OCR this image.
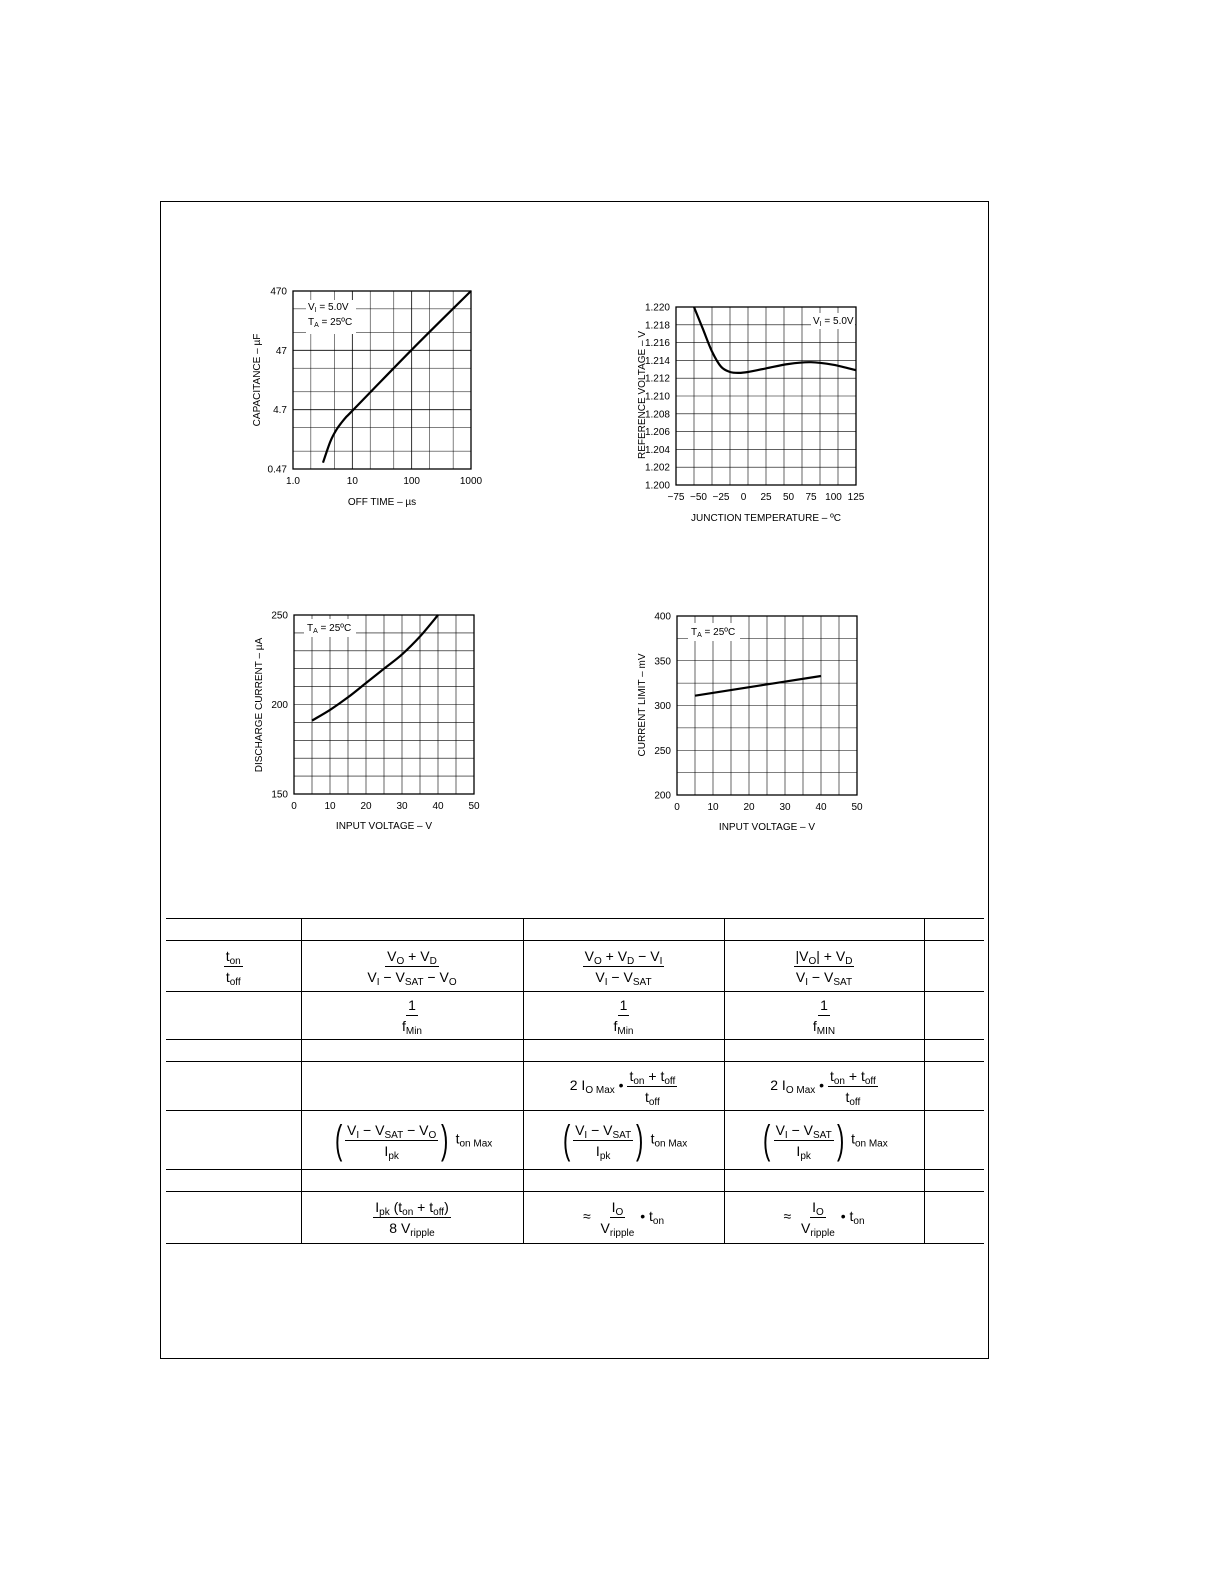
$V_I = 5.0V$
$T_A$ = 25ºC
1.0	10	100	1000
0.47
4.7
47
470
OFF TIME – µs
CAPACITANCE – µF
$V_I = 5.0V$
−75 −50 −25 0 25 50 75 100 125
1.200
1.202
1.204
1.206
1.208
1.210
1.212
1.214
1.216
1.218
1.220
JUNCTION TEMPERATURE – ºC
REFERENCE VOLTAGE – V
$T_A$ = 25ºC
0	10 20 30 40 50
150
200
250
INPUT VOLTAGE – V
DISCHARGE CURRENT – µA
$T_A$ = 25ºC
0	10 20 30 40 50
200
250
300
350
400
INPUT VOLTAGE – V
CURRENT LIMIT – mV

$\frac{t_{on}}{t_{off}}$	$\frac{V_O + V_D}{V_I - V_{SAT} - V_O}$	$\frac{V_O + V_D - V_I}{V_I - V_{SAT}}$	$\frac{|V_O| + V_D}{V_I - V_{SAT}}$

	$\frac{1}{f_{Min}}$	$\frac{1}{f_{Min}}$	$\frac{1}{f_{MIN}}$

		2 $I_{O Max}$ • $\frac{t_{on} + t_{off}}{t_{off}}$	2 $I_{O Max}$ • $\frac{t_{on} + t_{off}}{t_{off}}$

	( $\frac{V_I - V_{SAT} - V_O}{I_{pk}}$ ) $t_{on Max}$	( $\frac{V_I - V_{SAT}}{I_{pk}}$ ) $t_{on Max}$	( $\frac{V_I - V_{SAT}}{I_{pk}}$ ) $t_{on Max}$	

	$\frac{I_{pk} (t_{on} + t_{off})}{8 V_{ripple}}$	≈ $\frac{I_O}{V_{ripple}}$ • $t_{on}$	≈ $\frac{I_O}{V_{ripple}}$ • $t_{on}$	
